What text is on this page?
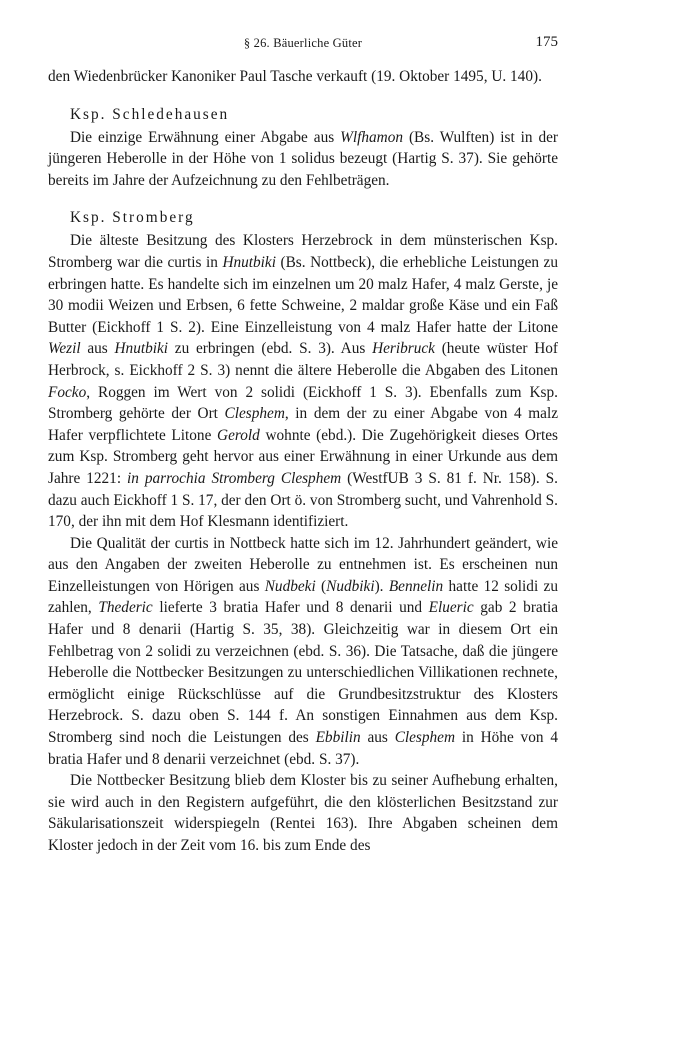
§ 26. Bäuerliche Güter	175

den Wiedenbrücker Kanoniker Paul Tasche verkauft (19. Oktober 1495, U. 140).

Ksp. Schledehausen

Die einzige Erwähnung einer Abgabe aus Wlfhamon (Bs. Wulften) ist in der jüngeren Heberolle in der Höhe von 1 solidus bezeugt (Hartig S. 37). Sie gehörte bereits im Jahre der Aufzeichnung zu den Fehlbeträgen.

Ksp. Stromberg

Die älteste Besitzung des Klosters Herzebrock in dem münsterischen Ksp. Stromberg war die curtis in Hnutbiki (Bs. Nottbeck), die erhebliche Leistungen zu erbringen hatte. Es handelte sich im einzelnen um 20 malz Hafer, 4 malz Gerste, je 30 modii Weizen und Erbsen, 6 fette Schweine, 2 maldar große Käse und ein Faß Butter (Eickhoff 1 S. 2). Eine Einzelleistung von 4 malz Hafer hatte der Litone Wezil aus Hnutbiki zu erbringen (ebd. S. 3). Aus Heribruck (heute wüster Hof Herbrock, s. Eickhoff 2 S. 3) nennt die ältere Heberolle die Abgaben des Litonen Focko, Roggen im Wert von 2 solidi (Eickhoff 1 S. 3). Ebenfalls zum Ksp. Stromberg gehörte der Ort Clesphem, in dem der zu einer Abgabe von 4 malz Hafer verpflichtete Litone Gerold wohnte (ebd.). Die Zugehörigkeit dieses Ortes zum Ksp. Stromberg geht hervor aus einer Erwähnung in einer Urkunde aus dem Jahre 1221: in parrochia Stromberg Clesphem (WestfUB 3 S. 81 f. Nr. 158). S. dazu auch Eickhoff 1 S. 17, der den Ort ö. von Stromberg sucht, und Vahrenhold S. 170, der ihn mit dem Hof Klesmann identifiziert.

Die Qualität der curtis in Nottbeck hatte sich im 12. Jahrhundert geändert, wie aus den Angaben der zweiten Heberolle zu entnehmen ist. Es erscheinen nun Einzelleistungen von Hörigen aus Nudbeki (Nudbiki). Bennelin hatte 12 solidi zu zahlen, Thederic lieferte 3 bratia Hafer und 8 denarii und Elueric gab 2 bratia Hafer und 8 denarii (Hartig S. 35, 38). Gleichzeitig war in diesem Ort ein Fehlbetrag von 2 solidi zu verzeichnen (ebd. S. 36). Die Tatsache, daß die jüngere Heberolle die Nottbecker Besitzungen zu unterschiedlichen Villikationen rechnete, ermöglicht einige Rückschlüsse auf die Grundbesitzstruktur des Klosters Herzebrock. S. dazu oben S. 144 f. An sonstigen Einnahmen aus dem Ksp. Stromberg sind noch die Leistungen des Ebbilin aus Clesphem in Höhe von 4 bratia Hafer und 8 denarii verzeichnet (ebd. S. 37).

Die Nottbecker Besitzung blieb dem Kloster bis zu seiner Aufhebung erhalten, sie wird auch in den Registern aufgeführt, die den klösterlichen Besitzstand zur Säkularisationszeit widerspiegeln (Rentei 163). Ihre Abgaben scheinen dem Kloster jedoch in der Zeit vom 16. bis zum Ende des
